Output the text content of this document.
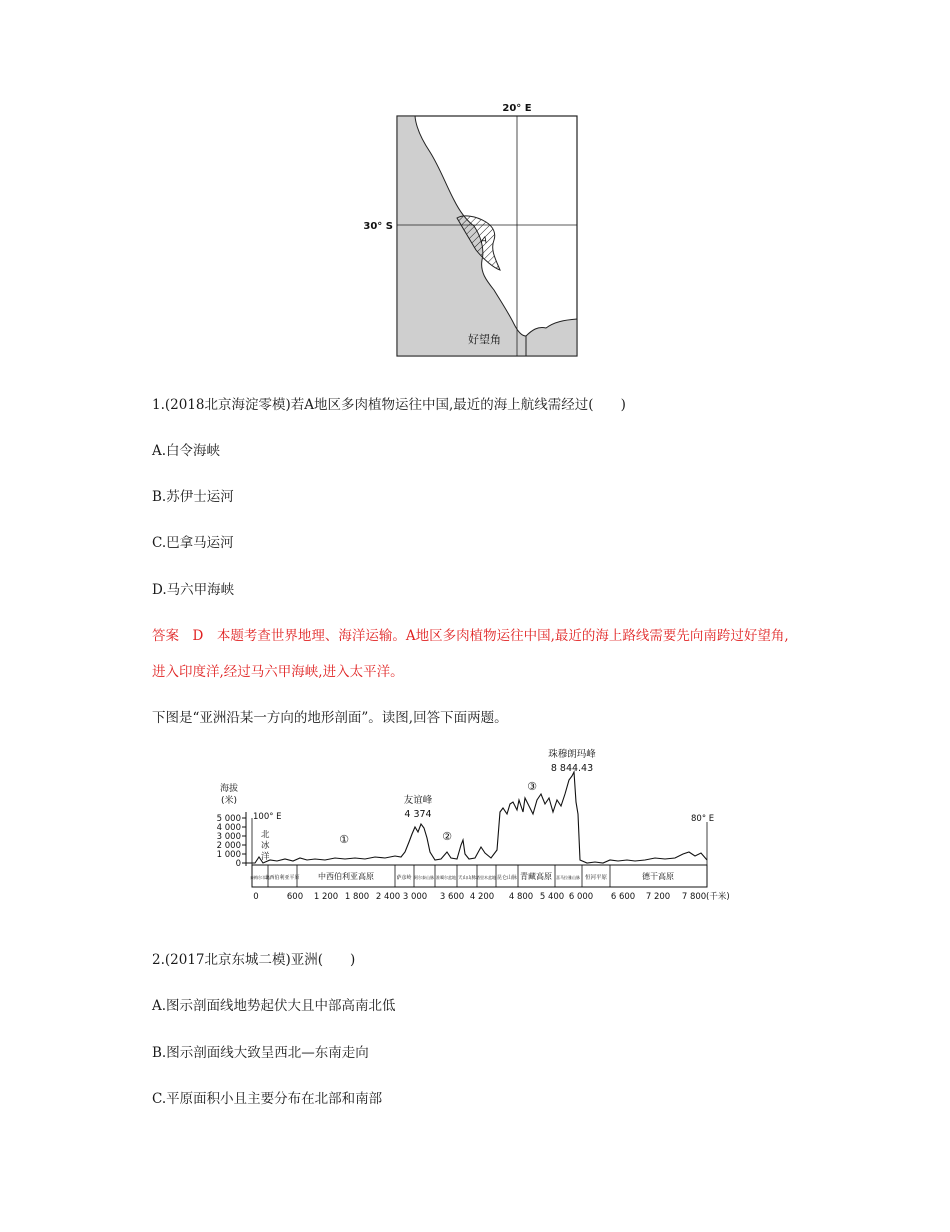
20° E
30° S
A
好望角
1.(2018北京海淀零模)若A地区多肉植物运往中国,最近的海上航线需经过(　　)
A.白令海峡
B.苏伊士运河
C.巴拿马运河
D.马六甲海峡
答案　D　本题考查世界地理、海洋运输。A地区多肉植物运往中国,最近的海上路线需要先向南跨过好望角,
进入印度洋,经过马六甲海峡,进入太平洋。
下图是“亚洲沿某一方向的地形剖面”。读图,回答下面两题。
海拔
(米)
5 000
4 000
3 000
2 000
1 000
0
100° E	80° E
北
冰
洋
友谊峰
4 374
珠穆朗玛峰
8 844.43
①	②
③
泰梅尔半岛
北西伯利亚平原 中西伯利亚高原	萨彦岭 阿尔泰山脉 准噶尔盆地 天山山脉 塔里木盆地 昆仑山脉 青藏高原 喜马拉雅山脉 恒河平原	德干高原
0	600 1 200 1 800 2 400 3 000 3 600 4 200 4 800 5 400 6 000 6 600 7 200 7 800 (千米)
2.(2017北京东城二模)亚洲(　　)
A.图示剖面线地势起伏大且中部高南北低
B.图示剖面线大致呈西北—东南走向
C.平原面积小且主要分布在北部和南部
